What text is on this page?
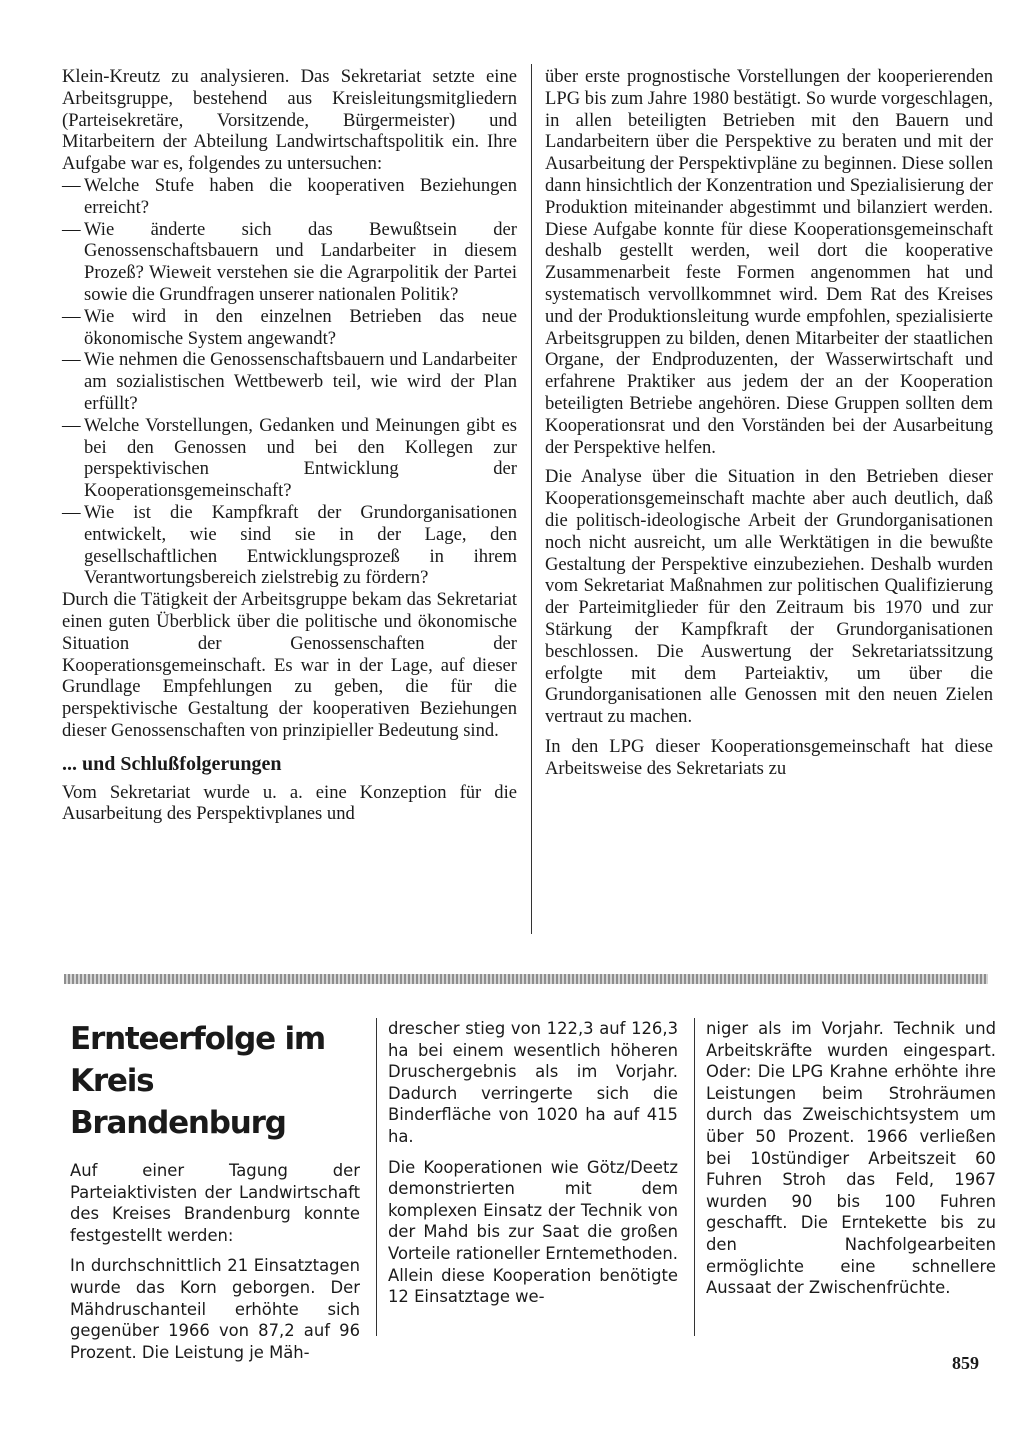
Klein-Kreutz zu analysieren. Das Sekretariat setzte eine Arbeitsgruppe, bestehend aus Kreisleitungsmitgliedern (Parteisekretäre, Vorsitzende, Bürgermeister) und Mitarbeitern der Abteilung Landwirtschaftspolitik ein. Ihre Aufgabe war es, folgendes zu untersuchen:

— Welche Stufe haben die kooperativen Beziehungen erreicht?
— Wie änderte sich das Bewußtsein der Genossenschaftsbauern und Landarbeiter in diesem Prozeß? Wieweit verstehen sie die Agrarpolitik der Partei sowie die Grundfragen unserer nationalen Politik?
— Wie wird in den einzelnen Betrieben das neue ökonomische System angewandt?
— Wie nehmen die Genossenschaftsbauern und Landarbeiter am sozialistischen Wettbewerb teil, wie wird der Plan erfüllt?
— Welche Vorstellungen, Gedanken und Meinungen gibt es bei den Genossen und bei den Kollegen zur perspektivischen Entwicklung der Kooperationsgemeinschaft?
— Wie ist die Kampfkraft der Grundorganisationen entwickelt, wie sind sie in der Lage, den gesellschaftlichen Entwicklungsprozeß in ihrem Verantwortungsbereich zielstrebig zu fördern?

Durch die Tätigkeit der Arbeitsgruppe bekam das Sekretariat einen guten Überblick über die politische und ökonomische Situation der Genossenschaften der Kooperationsgemeinschaft. Es war in der Lage, auf dieser Grundlage Empfehlungen zu geben, die für die perspektivische Gestaltung der kooperativen Beziehungen dieser Genossenschaften von prinzipieller Bedeutung sind.

... und Schlußfolgerungen

Vom Sekretariat wurde u. a. eine Konzeption für die Ausarbeitung des Perspektivplanes und

über erste prognostische Vorstellungen der kooperierenden LPG bis zum Jahre 1980 bestätigt. So wurde vorgeschlagen, in allen beteiligten Betrieben mit den Bauern und Landarbeitern über die Perspektive zu beraten und mit der Ausarbeitung der Perspektivpläne zu beginnen. Diese sollen dann hinsichtlich der Konzentration und Spezialisierung der Produktion miteinander abgestimmt und bilanziert werden. Diese Aufgabe konnte für diese Kooperationsgemeinschaft deshalb gestellt werden, weil dort die kooperative Zusammenarbeit feste Formen angenommen hat und systematisch vervollkommnet wird. Dem Rat des Kreises und der Produktionsleitung wurde empfohlen, spezialisierte Arbeitsgruppen zu bilden, denen Mitarbeiter der staatlichen Organe, der Endproduzenten, der Wasserwirtschaft und erfahrene Praktiker aus jedem der an der Kooperation beteiligten Betriebe angehören. Diese Gruppen sollten dem Kooperationsrat und den Vorständen bei der Ausarbeitung der Perspektive helfen.

Die Analyse über die Situation in den Betrieben dieser Kooperationsgemeinschaft machte aber auch deutlich, daß die politisch-ideologische Arbeit der Grundorganisationen noch nicht ausreicht, um alle Werktätigen in die bewußte Gestaltung der Perspektive einzubeziehen. Deshalb wurden vom Sekretariat Maßnahmen zur politischen Qualifizierung der Parteimitglieder für den Zeitraum bis 1970 und zur Stärkung der Kampfkraft der Grundorganisationen beschlossen. Die Auswertung der Sekretariatssitzung erfolgte mit dem Parteiaktiv, um über die Grundorganisationen alle Genossen mit den neuen Zielen vertraut zu machen.

In den LPG dieser Kooperationsgemeinschaft hat diese Arbeitsweise des Sekretariats zu

Ernteerfolge im
Kreis Brandenburg

Auf einer Tagung der Parteiaktivisten der Landwirtschaft des Kreises Brandenburg konnte festgestellt werden:

In durchschnittlich 21 Einsatztagen wurde das Korn geborgen. Der Mähdruschanteil erhöhte sich gegenüber 1966 von 87,2 auf 96 Prozent. Die Leistung je Mäh-

drescher stieg von 122,3 auf 126,3 ha bei einem wesentlich höheren Druschergebnis als im Vorjahr. Dadurch verringerte sich die Binderfläche von 1020 ha auf 415 ha.

Die Kooperationen wie Götz/Deetz demonstrierten mit dem komplexen Einsatz der Technik von der Mahd bis zur Saat die großen Vorteile rationeller Erntemethoden. Allein diese Kooperation benötigte 12 Einsatztage we-

niger als im Vorjahr. Technik und Arbeitskräfte wurden eingespart. Oder: Die LPG Krahne erhöhte ihre Leistungen beim Strohräumen durch das Zweischichtsystem um über 50 Prozent. 1966 verließen bei 10stündiger Arbeitszeit 60 Fuhren Stroh das Feld, 1967 wurden 90 bis 100 Fuhren geschafft. Die Erntekette bis zu den Nachfolgearbeiten ermöglichte eine schnellere Aussaat der Zwischenfrüchte.

859
